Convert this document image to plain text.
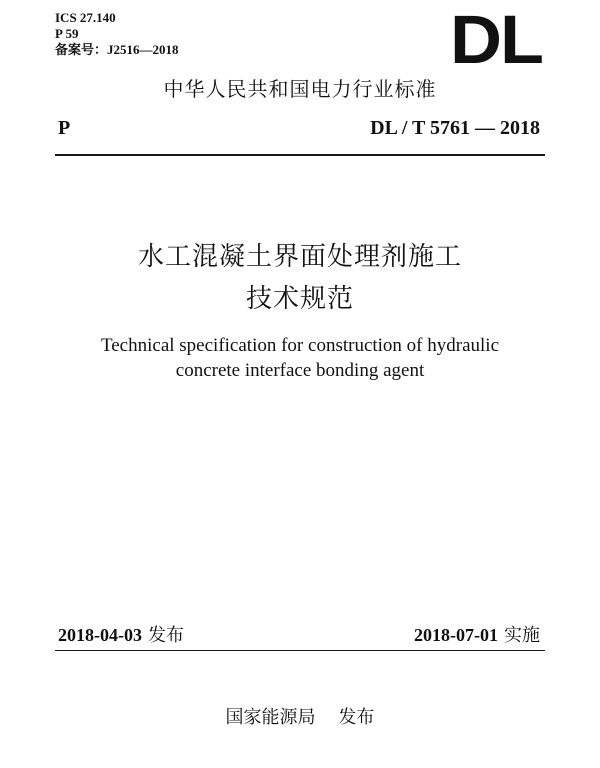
ICS 27.140
P 59
备案号：J2516—2018	DL
中华人民共和国电力行业标准
P	DL / T 5761 — 2018
水工混凝土界面处理剂施工
技术规范
Technical specification for construction of hydraulic
concrete interface bonding agent
2018-04-03 发布	2018-07-01 实施
国家能源局    发布
